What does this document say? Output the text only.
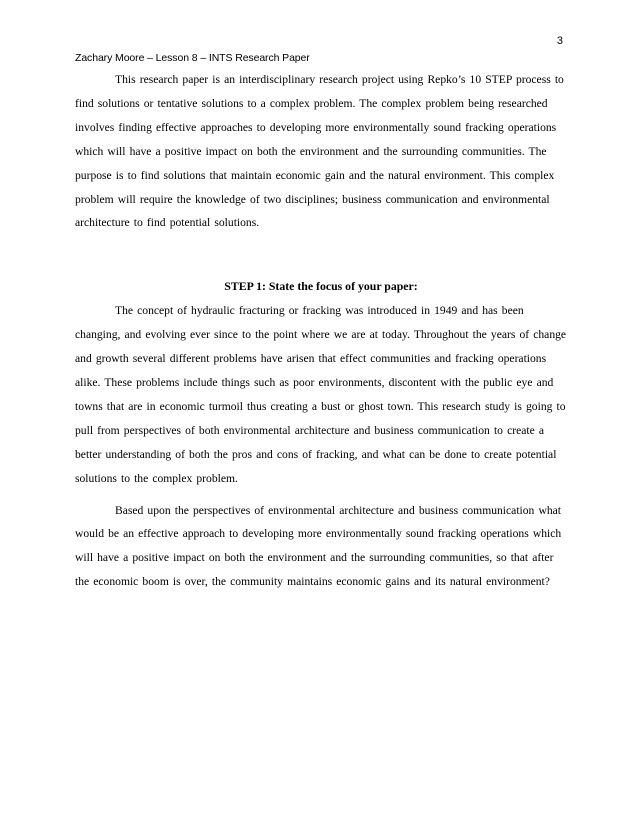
3
Zachary Moore – Lesson 8 – INTS Research Paper

This research paper is an interdisciplinary research project using Repko’s 10 STEP process to find solutions or tentative solutions to a complex problem. The complex problem being researched involves finding effective approaches to developing more environmentally sound fracking operations which will have a positive impact on both the environment and the surrounding communities. The purpose is to find solutions that maintain economic gain and the natural environment. This complex problem will require the knowledge of two disciplines; business communication and environmental architecture to find potential solutions.

STEP 1: State the focus of your paper:

The concept of hydraulic fracturing or fracking was introduced in 1949 and has been changing, and evolving ever since to the point where we are at today. Throughout the years of change and growth several different problems have arisen that effect communities and fracking operations alike. These problems include things such as poor environments, discontent with the public eye and towns that are in economic turmoil thus creating a bust or ghost town. This research study is going to pull from perspectives of both environmental architecture and business communication to create a better understanding of both the pros and cons of fracking, and what can be done to create potential solutions to the complex problem.

Based upon the perspectives of environmental architecture and business communication what would be an effective approach to developing more environmentally sound fracking operations which will have a positive impact on both the environment and the surrounding communities, so that after the economic boom is over, the community maintains economic gains and its natural environment?
